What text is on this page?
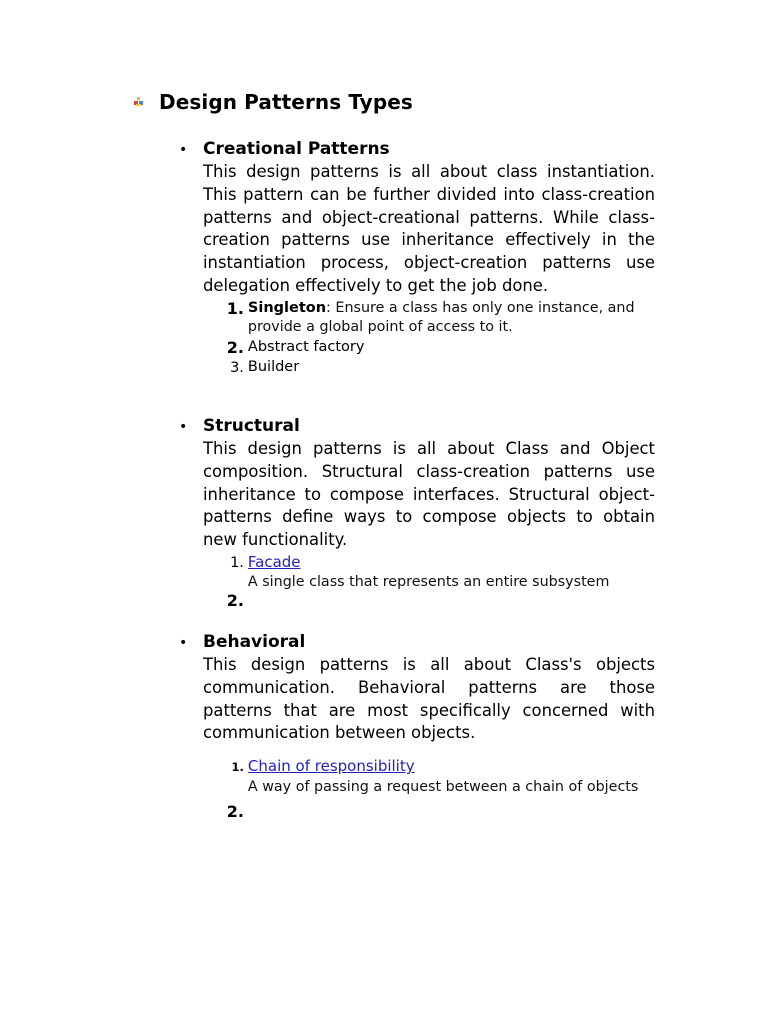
Design Patterns Types
• Creational Patterns
This design patterns is all about class instantiation. This pattern can be further divided into class-creation patterns and object-creational patterns. While class-creation patterns use inheritance effectively in the instantiation process, object-creation patterns use delegation effectively to get the job done.
1. Singleton: Ensure a class has only one instance, and provide a global point of access to it.
2. Abstract factory
3. Builder
• Structural
This design patterns is all about Class and Object composition. Structural class-creation patterns use inheritance to compose interfaces. Structural object-patterns define ways to compose objects to obtain new functionality.
1. Facade
A single class that represents an entire subsystem
2.
• Behavioral
This design patterns is all about Class's objects communication. Behavioral patterns are those patterns that are most specifically concerned with communication between objects.
1. Chain of responsibility
A way of passing a request between a chain of objects
2.
